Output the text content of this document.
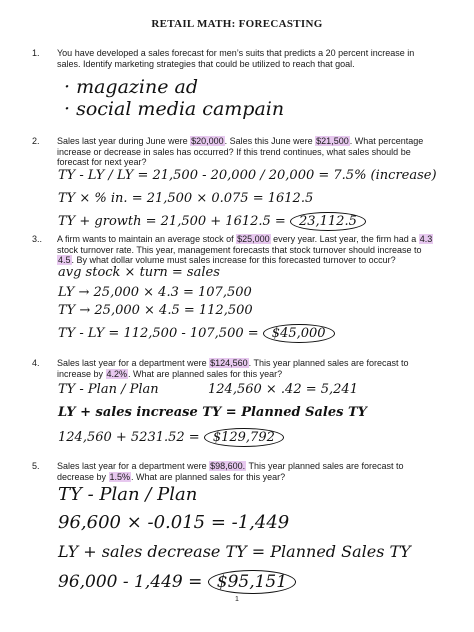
RETAIL MATH: FORECASTING
1. You have developed a sales forecast for men’s suits that predicts a 20 percent increase in sales. Identify marketing strategies that could be utilized to reach that goal.
· magazine ad
· social media campain
2. Sales last year during June were $20,000. Sales this June were $21,500. What percentage increase or decrease in sales has occurred? If this trend continues, what sales should be forecast for next year?
TY - LY / LY = 21,500 - 20,000 / 20,000 = 7.5% (increase)
TY × % in. = 21,500 × 0.075 = 1612.5
TY + growth = 21,500 + 1612.5 = 23,112.5
3.. A firm wants to maintain an average stock of $25,000 every year. Last year, the firm had a 4.3 stock turnover rate. This year, management forecasts that stock turnover should increase to 4.5. By what dollar volume must sales increase for this forecasted turnover to occur?
avg stock × turn = sales
LY → 25,000 × 4.3 = 107,500
TY → 25,000 × 4.5 = 112,500
TY - LY = 112,500 - 107,500 = $45,000
4. Sales last year for a department were $124,560. This year planned sales are forecast to increase by 4.2%. What are planned sales for this year?
TY - Plan / Plan	124,560 × .42 = 5,241
LY + sales increase TY = Planned Sales TY
124,560 + 5231.52 = $129,792
5. Sales last year for a department were $98,600. This year planned sales are forecast to decrease by 1.5%. What are planned sales for this year?
TY - Plan / Plan
96,600 × -0.015 = -1,449
LY + sales decrease TY = Planned Sales TY
96,000 - 1,449 = $95,151
1
